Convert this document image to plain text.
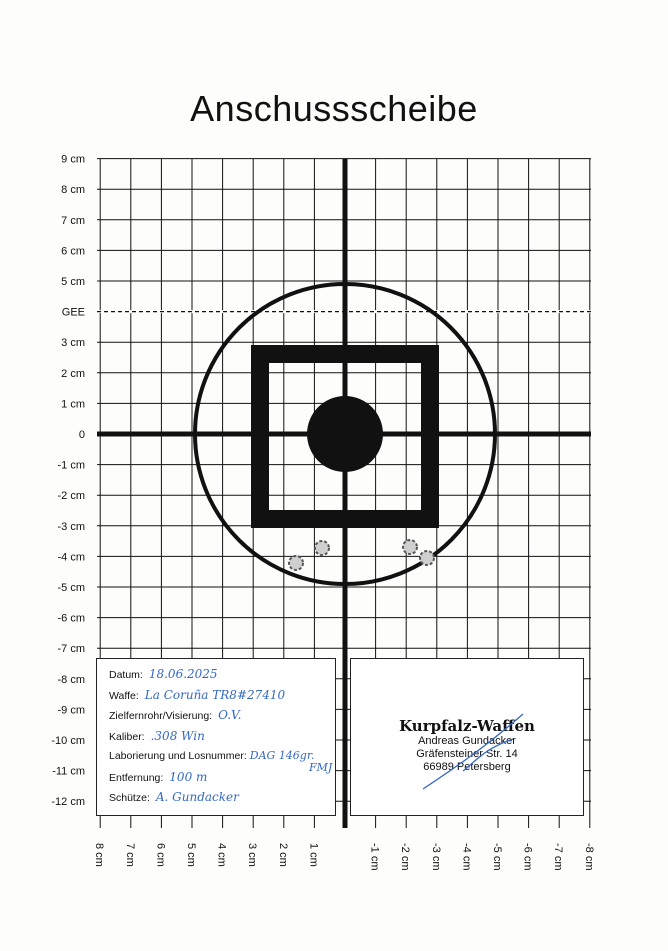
Anschussscheibe
9 cm
8 cm
7 cm
6 cm
5 cm
GEE
3 cm
2 cm
1 cm
0
-1 cm
-2 cm
-3 cm
-4 cm
-5 cm
-6 cm
-7 cm
-8 cm
-9 cm
-10 cm
-11 cm
-12 cm
8 cm 7 cm 6 cm 5 cm 4 cm 3 cm 2 cm 1 cm	-1 cm -2 cm -3 cm -4 cm -5 cm -6 cm -7 cm -8 cm
Datum: 18.06.2025
Waffe: La Coruña TR8#27410
Zielfernrohr/Visierung: O.V.
Kaliber: .308 Win
Laborierung und Losnummer: DAG 146gr.
FMJ
Entfernung: 100 m
Schütze: A. Gundacker
Kurpfalz-Waffen
Andreas Gundacker
Gräfensteiner Str. 14
66989 Petersberg
